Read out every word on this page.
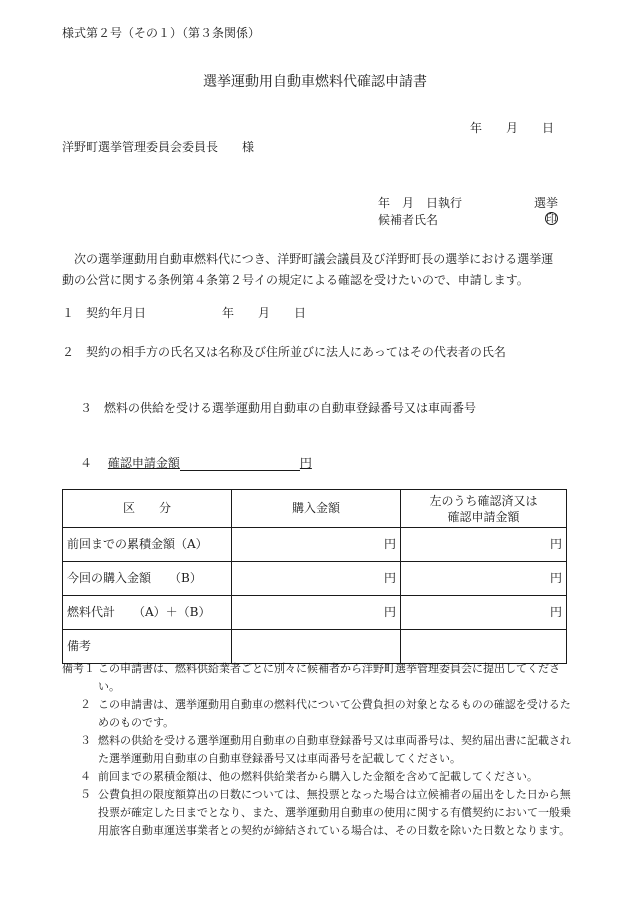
様式第２号（その１）（第３条関係）
選挙運動用自動車燃料代確認申請書
年　　月　　日
洋野町選挙管理委員会委員長　　様
年　月　日執行	選挙
候補者氏名	印
次の選挙運動用自動車燃料代につき、洋野町議会議員及び洋野町長の選挙における選挙運動の公営に関する条例第４条第２号イの規定による確認を受けたいので、申請します。
１　契約年月日	年　　月　　日
２　契約の相手方の氏名又は名称及び住所並びに法人にあってはその代表者の氏名
３　燃料の供給を受ける選挙運動用自動車の自動車登録番号又は車両番号
４　 確認申請金額	円
区　　分	購入金額	左のうち確認済又は
確認申請金額
前回までの累積金額（A）	円	円
今回の購入金額　　（B）	円	円
燃料代計　　（A）＋（B）	円	円
備考		
備考１ この申請書は、燃料供給業者ごとに別々に候補者から洋野町選挙管理委員会に提出してください。
２ この申請書は、選挙運動用自動車の燃料代について公費負担の対象となるものの確認を受けるためのものです。
３ 燃料の供給を受ける選挙運動用自動車の自動車登録番号又は車両番号は、契約届出書に記載された選挙運動用自動車の自動車登録番号又は車両番号を記載してください。
４ 前回までの累積金額は、他の燃料供給業者から購入した金額を含めて記載してください。
５ 公費負担の限度額算出の日数については、無投票となった場合は立候補者の届出をした日から無投票が確定した日までとなり、また、選挙運動用自動車の使用に関する有償契約において一般乗用旅客自動車運送事業者との契約が締結されている場合は、その日数を除いた日数となります。
